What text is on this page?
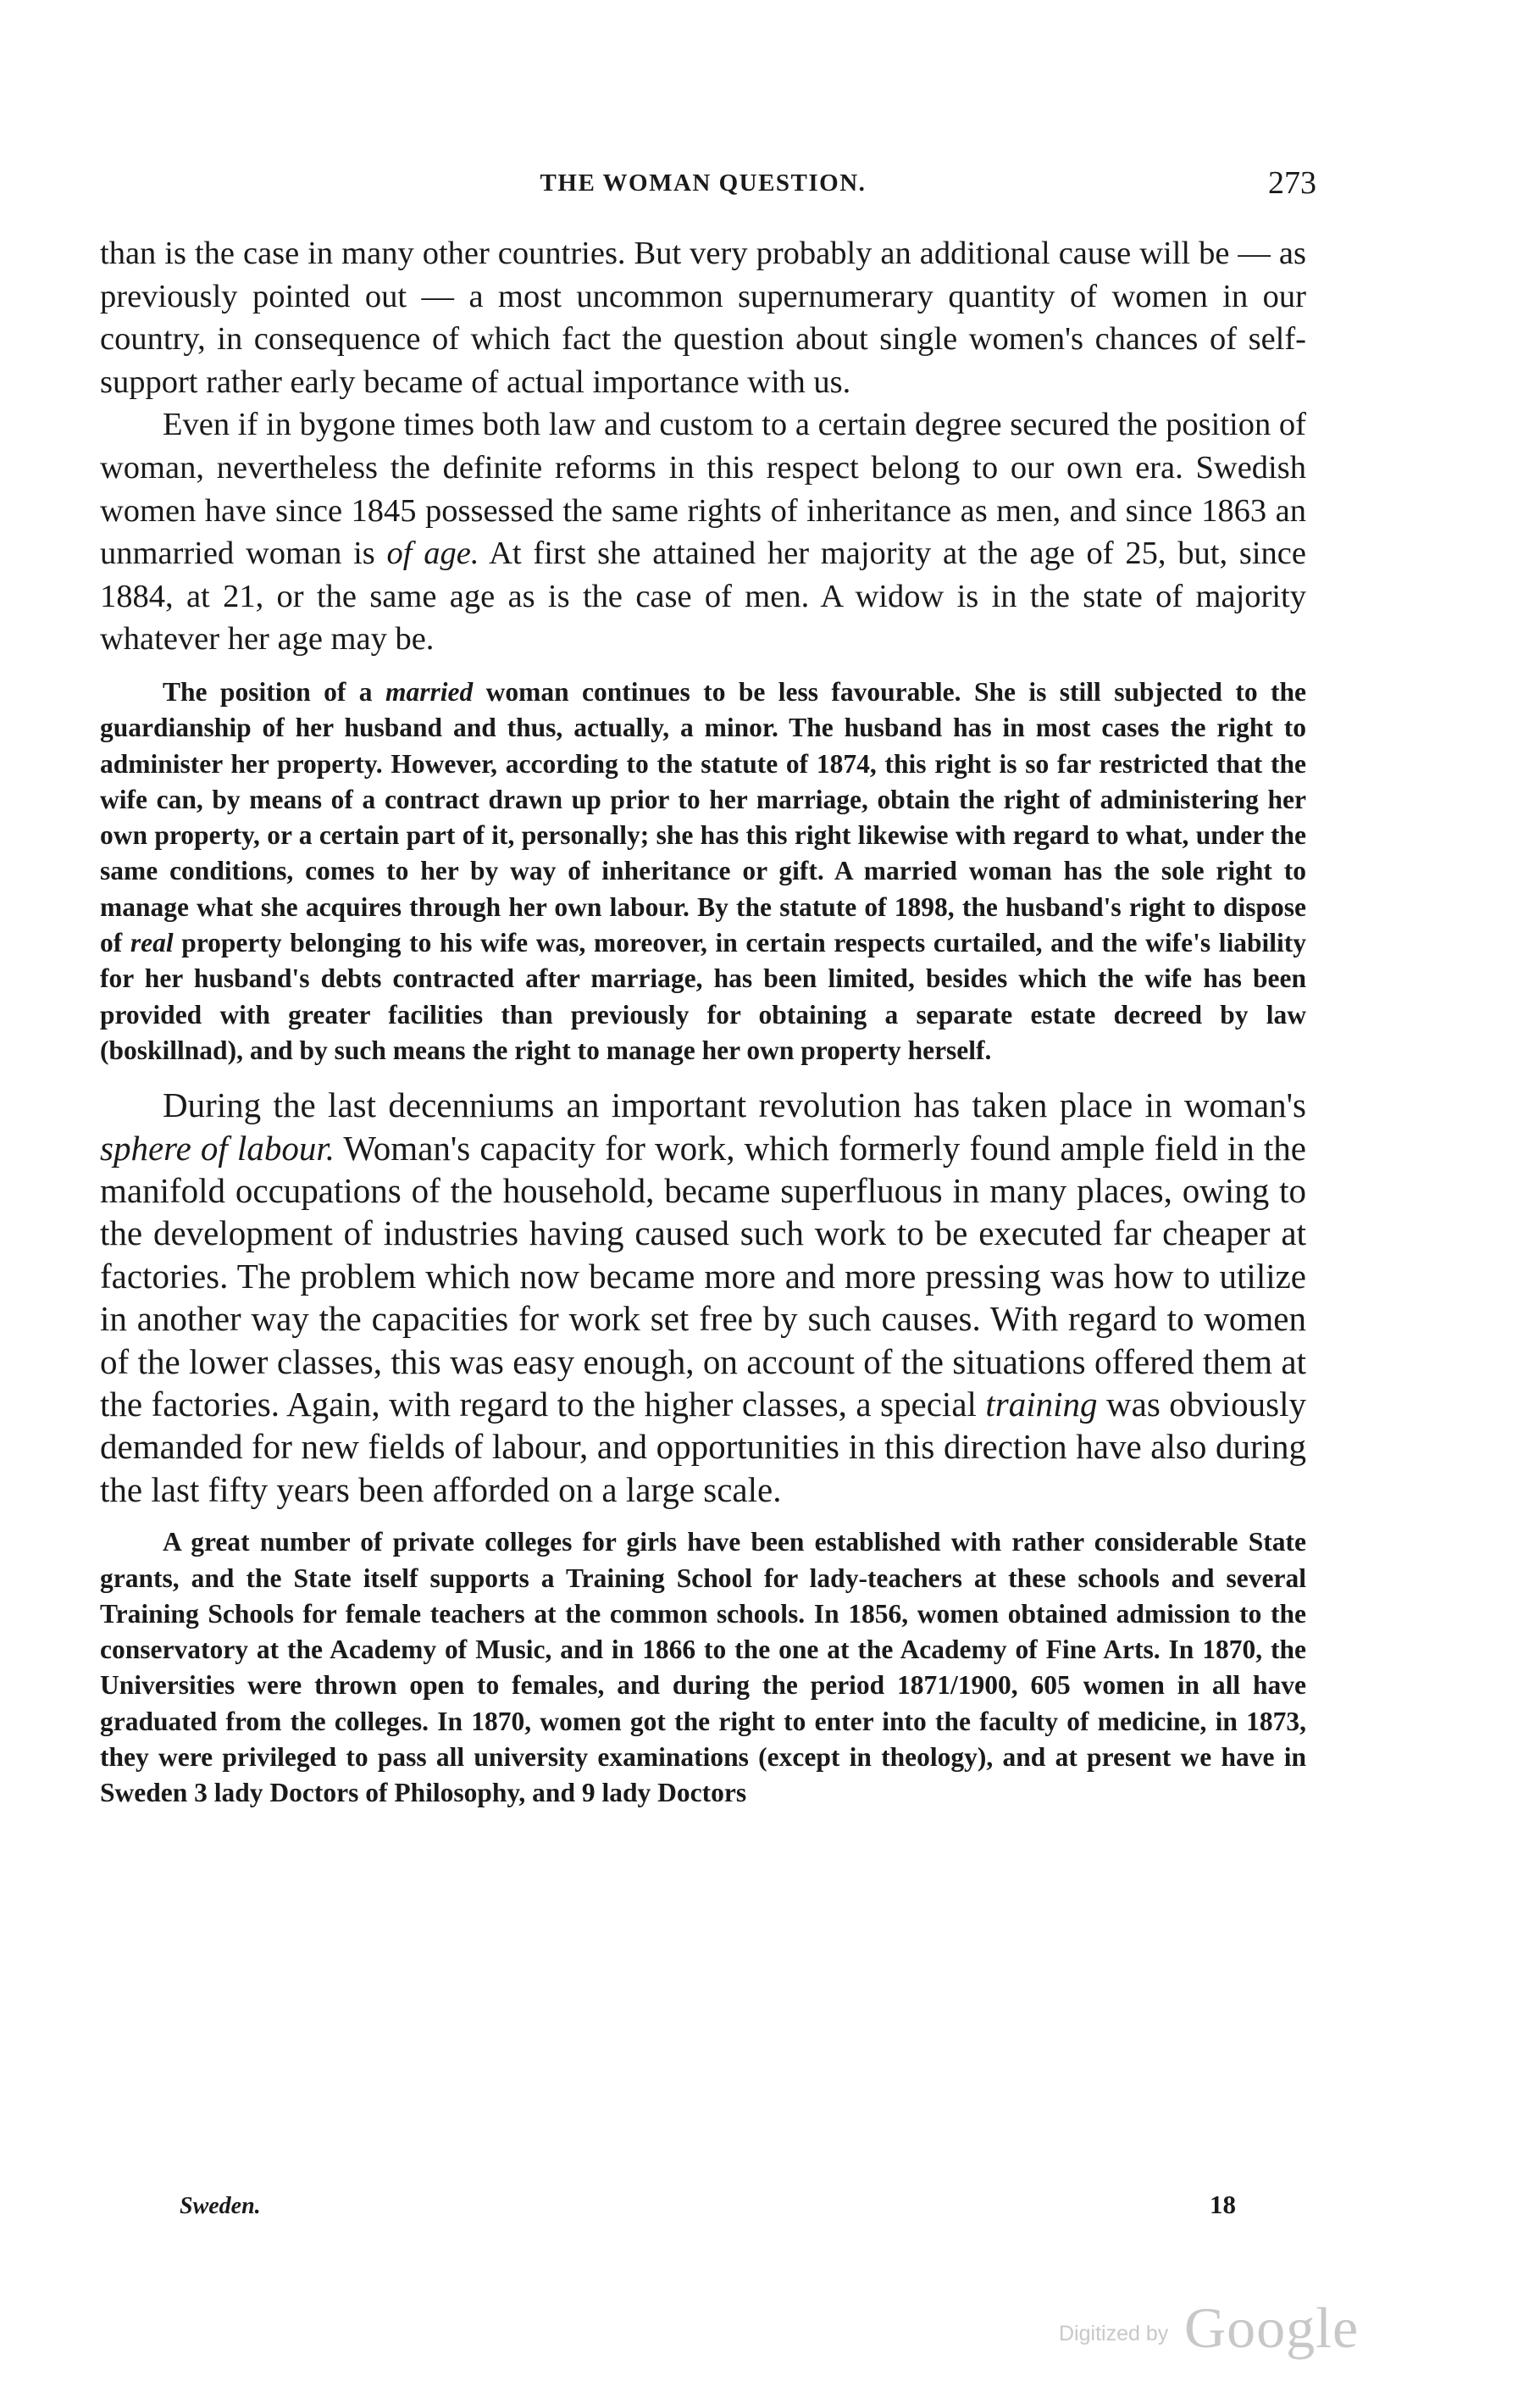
THE WOMAN QUESTION.	273

than is the case in many other countries. But very probably an additional cause will be — as previously pointed out — a most uncommon supernumerary quantity of women in our country, in consequence of which fact the question about single women's chances of self-support rather early became of actual importance with us.

Even if in bygone times both law and custom to a certain degree secured the position of woman, nevertheless the definite reforms in this respect belong to our own era. Swedish women have since 1845 possessed the same rights of inheritance as men, and since 1863 an unmarried woman is of age. At first she attained her majority at the age of 25, but, since 1884, at 21, or the same age as is the case of men. A widow is in the state of majority whatever her age may be.

The position of a married woman continues to be less favourable. She is still subjected to the guardianship of her husband and thus, actually, a minor. The husband has in most cases the right to administer her property. However, according to the statute of 1874, this right is so far restricted that the wife can, by means of a contract drawn up prior to her marriage, obtain the right of administering her own property, or a certain part of it, personally; she has this right likewise with regard to what, under the same conditions, comes to her by way of inheritance or gift. A married woman has the sole right to manage what she acquires through her own labour. By the statute of 1898, the husband's right to dispose of real property belonging to his wife was, moreover, in certain respects curtailed, and the wife's liability for her husband's debts contracted after marriage, has been limited, besides which the wife has been provided with greater facilities than previously for obtaining a separate estate decreed by law (boskillnad), and by such means the right to manage her own property herself.

During the last decenniums an important revolution has taken place in woman's sphere of labour. Woman's capacity for work, which formerly found ample field in the manifold occupations of the household, became superfluous in many places, owing to the development of industries having caused such work to be executed far cheaper at factories. The problem which now became more and more pressing was how to utilize in another way the capacities for work set free by such causes. With regard to women of the lower classes, this was easy enough, on account of the situations offered them at the factories. Again, with regard to the higher classes, a special training was obviously demanded for new fields of labour, and opportunities in this direction have also during the last fifty years been afforded on a large scale.

A great number of private colleges for girls have been established with rather considerable State grants, and the State itself supports a Training School for lady-teachers at these schools and several Training Schools for female teachers at the common schools. In 1856, women obtained admission to the conservatory at the Academy of Music, and in 1866 to the one at the Academy of Fine Arts. In 1870, the Universities were thrown open to females, and during the period 1871/1900, 605 women in all have graduated from the colleges. In 1870, women got the right to enter into the faculty of medicine, in 1873, they were privileged to pass all university examinations (except in theology), and at present we have in Sweden 3 lady Doctors of Philosophy, and 9 lady Doctors

Sweden.	18
Digitized by Google
